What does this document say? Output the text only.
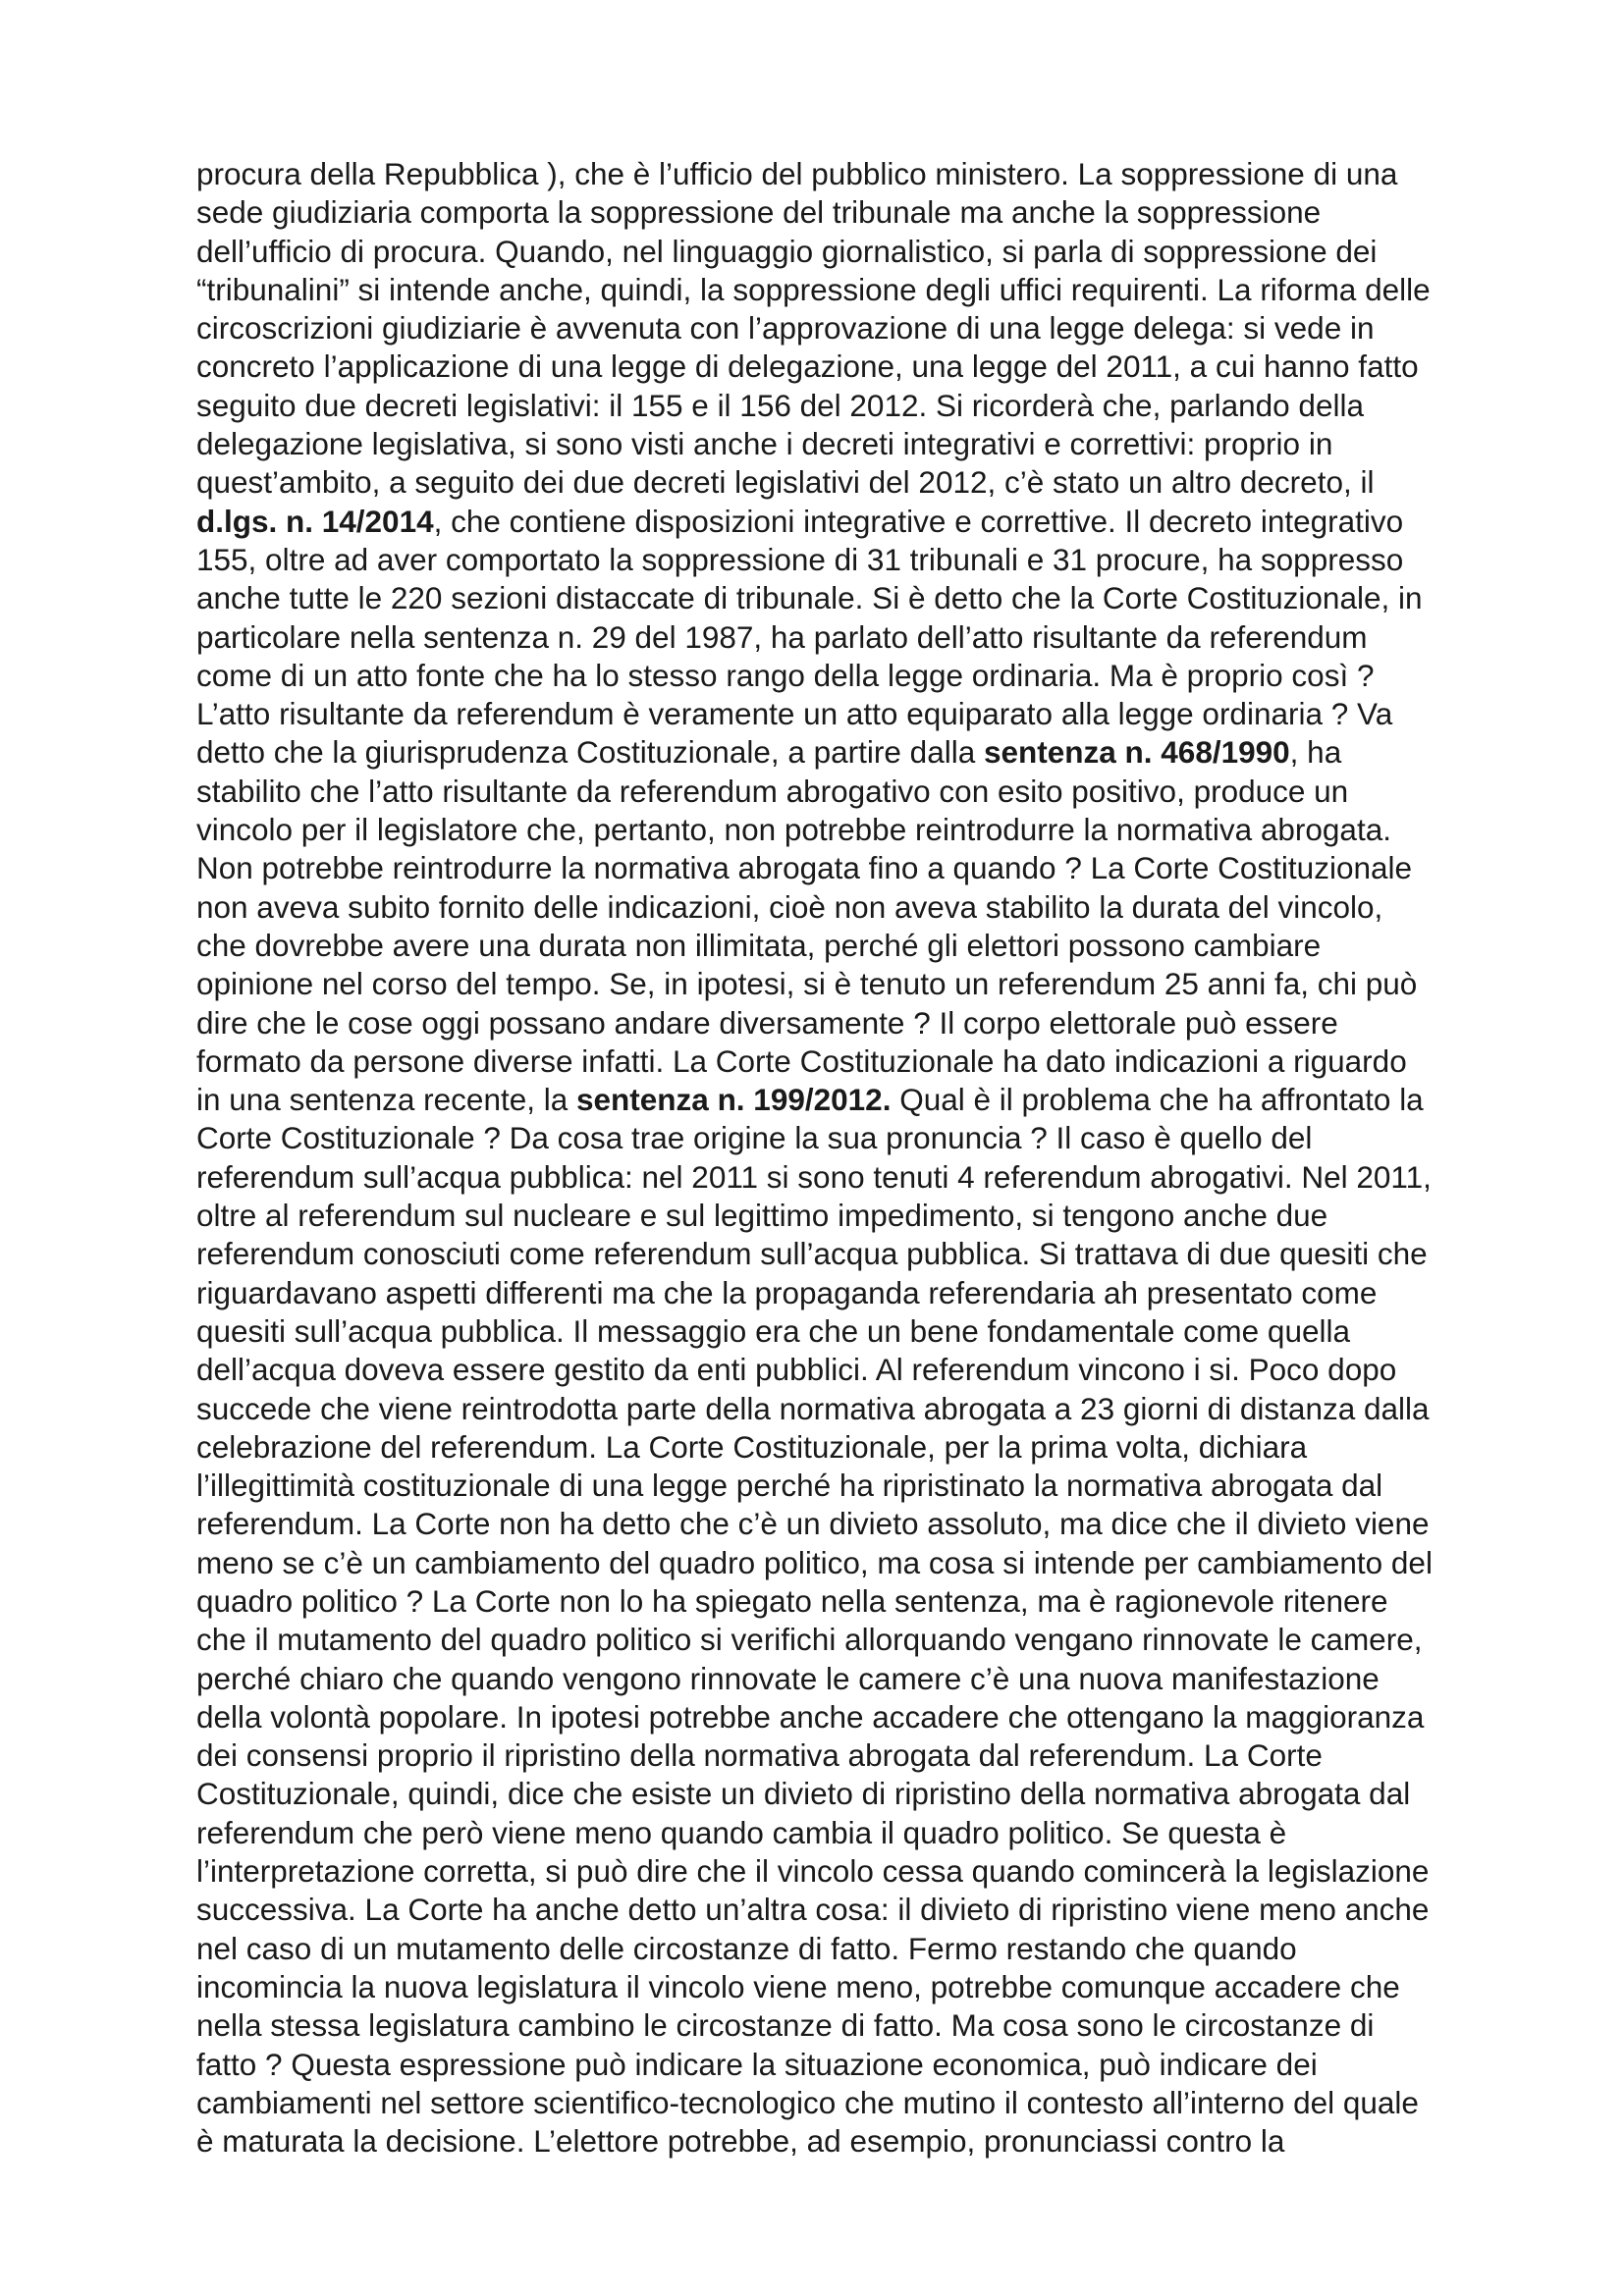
procura della Repubblica ), che è l’ufficio del pubblico ministero. La soppressione di una
sede giudiziaria comporta la soppressione del tribunale ma anche la soppressione
dell’ufficio di procura. Quando, nel linguaggio giornalistico, si parla di soppressione dei
“tribunalini” si intende anche, quindi, la soppressione degli uffici requirenti. La riforma delle
circoscrizioni giudiziarie è avvenuta con l’approvazione di una legge delega: si vede in
concreto l’applicazione di una legge di delegazione, una legge del 2011, a cui hanno fatto
seguito due decreti legislativi: il 155 e il 156 del 2012. Si ricorderà che, parlando della
delegazione legislativa, si sono visti anche i decreti integrativi e correttivi: proprio in
quest’ambito, a seguito dei due decreti legislativi del 2012, c’è stato un altro decreto, il
d.lgs. n. 14/2014, che contiene disposizioni integrative e correttive. Il decreto integrativo
155, oltre ad aver comportato la soppressione di 31 tribunali e 31 procure, ha soppresso
anche tutte le 220 sezioni distaccate di tribunale. Si è detto che la Corte Costituzionale, in
particolare nella sentenza n. 29 del 1987, ha parlato dell’atto risultante da referendum
come di un atto fonte che ha lo stesso rango della legge ordinaria. Ma è proprio così ?
L’atto risultante da referendum è veramente un atto equiparato alla legge ordinaria ? Va
detto che la giurisprudenza Costituzionale, a partire dalla sentenza n. 468/1990, ha
stabilito che l’atto risultante da referendum abrogativo con esito positivo, produce un
vincolo per il legislatore che, pertanto, non potrebbe reintrodurre la normativa abrogata.
Non potrebbe reintrodurre la normativa abrogata fino a quando ? La Corte Costituzionale
non aveva subito fornito delle indicazioni, cioè non aveva stabilito la durata del vincolo,
che dovrebbe avere una durata non illimitata, perché gli elettori possono cambiare
opinione nel corso del tempo. Se, in ipotesi, si è tenuto un referendum 25 anni fa, chi può
dire che le cose oggi possano andare diversamente ? Il corpo elettorale può essere
formato da persone diverse infatti. La Corte Costituzionale ha dato indicazioni a riguardo
in una sentenza recente, la sentenza n. 199/2012. Qual è il problema che ha affrontato la
Corte Costituzionale ? Da cosa trae origine la sua pronuncia ? Il caso è quello del
referendum sull’acqua pubblica: nel 2011 si sono tenuti 4 referendum abrogativi. Nel 2011,
oltre al referendum sul nucleare e sul legittimo impedimento, si tengono anche due
referendum conosciuti come referendum sull’acqua pubblica. Si trattava di due quesiti che
riguardavano aspetti differenti ma che la propaganda referendaria ah presentato come
quesiti sull’acqua pubblica. Il messaggio era che un bene fondamentale come quella
dell’acqua doveva essere gestito da enti pubblici. Al referendum vincono i si. Poco dopo
succede che viene reintrodotta parte della normativa abrogata a 23 giorni di distanza dalla
celebrazione del referendum. La Corte Costituzionale, per la prima volta, dichiara
l’illegittimità costituzionale di una legge perché ha ripristinato la normativa abrogata dal
referendum. La Corte non ha detto che c’è un divieto assoluto, ma dice che il divieto viene
meno se c’è un cambiamento del quadro politico, ma cosa si intende per cambiamento del
quadro politico ? La Corte non lo ha spiegato nella sentenza, ma è ragionevole ritenere
che il mutamento del quadro politico si verifichi allorquando vengano rinnovate le camere,
perché chiaro che quando vengono rinnovate le camere c’è una nuova manifestazione
della volontà popolare. In ipotesi potrebbe anche accadere che ottengano la maggioranza
dei consensi proprio il ripristino della normativa abrogata dal referendum. La Corte
Costituzionale, quindi, dice che esiste un divieto di ripristino della normativa abrogata dal
referendum che però viene meno quando cambia il quadro politico. Se questa è
l’interpretazione corretta, si può dire che il vincolo cessa quando comincerà la legislazione
successiva. La Corte ha anche detto un’altra cosa: il divieto di ripristino viene meno anche
nel caso di un mutamento delle circostanze di fatto. Fermo restando che quando
incomincia la nuova legislatura il vincolo viene meno, potrebbe comunque accadere che
nella stessa legislatura cambino le circostanze di fatto. Ma cosa sono le circostanze di
fatto ? Questa espressione può indicare la situazione economica, può indicare dei
cambiamenti nel settore scientifico-tecnologico che mutino il contesto all’interno del quale
è maturata la decisione. L’elettore potrebbe, ad esempio, pronunciassi contro la
